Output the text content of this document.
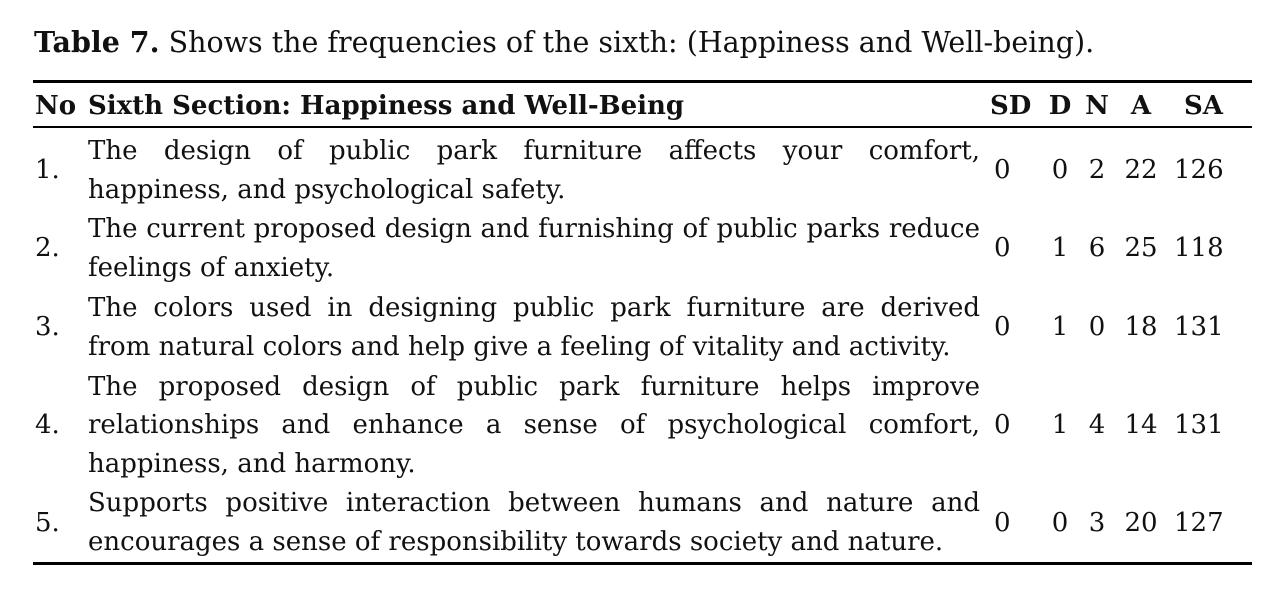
Table 7. Shows the frequencies of the sixth: (Happiness and Well-being).
No	Sixth Section: Happiness and Well-Being	SD	D	N	A	SA
1.	The design of public park furniture affects your comfort, happiness, and psychological safety.	0	0	2	22	126
2.	The current proposed design and furnishing of public parks reduce feelings of anxiety.	0	1	6	25	118
3.	The colors used in designing public park furniture are derived from natural colors and help give a feeling of vitality and activity.	0	1	0	18	131
4.	The proposed design of public park furniture helps improve relationships and enhance a sense of psychological comfort, happiness, and harmony.	0	1	4	14	131
5.	Supports positive interaction between humans and nature and encourages a sense of responsibility towards society and nature.	0	0	3	20	127
